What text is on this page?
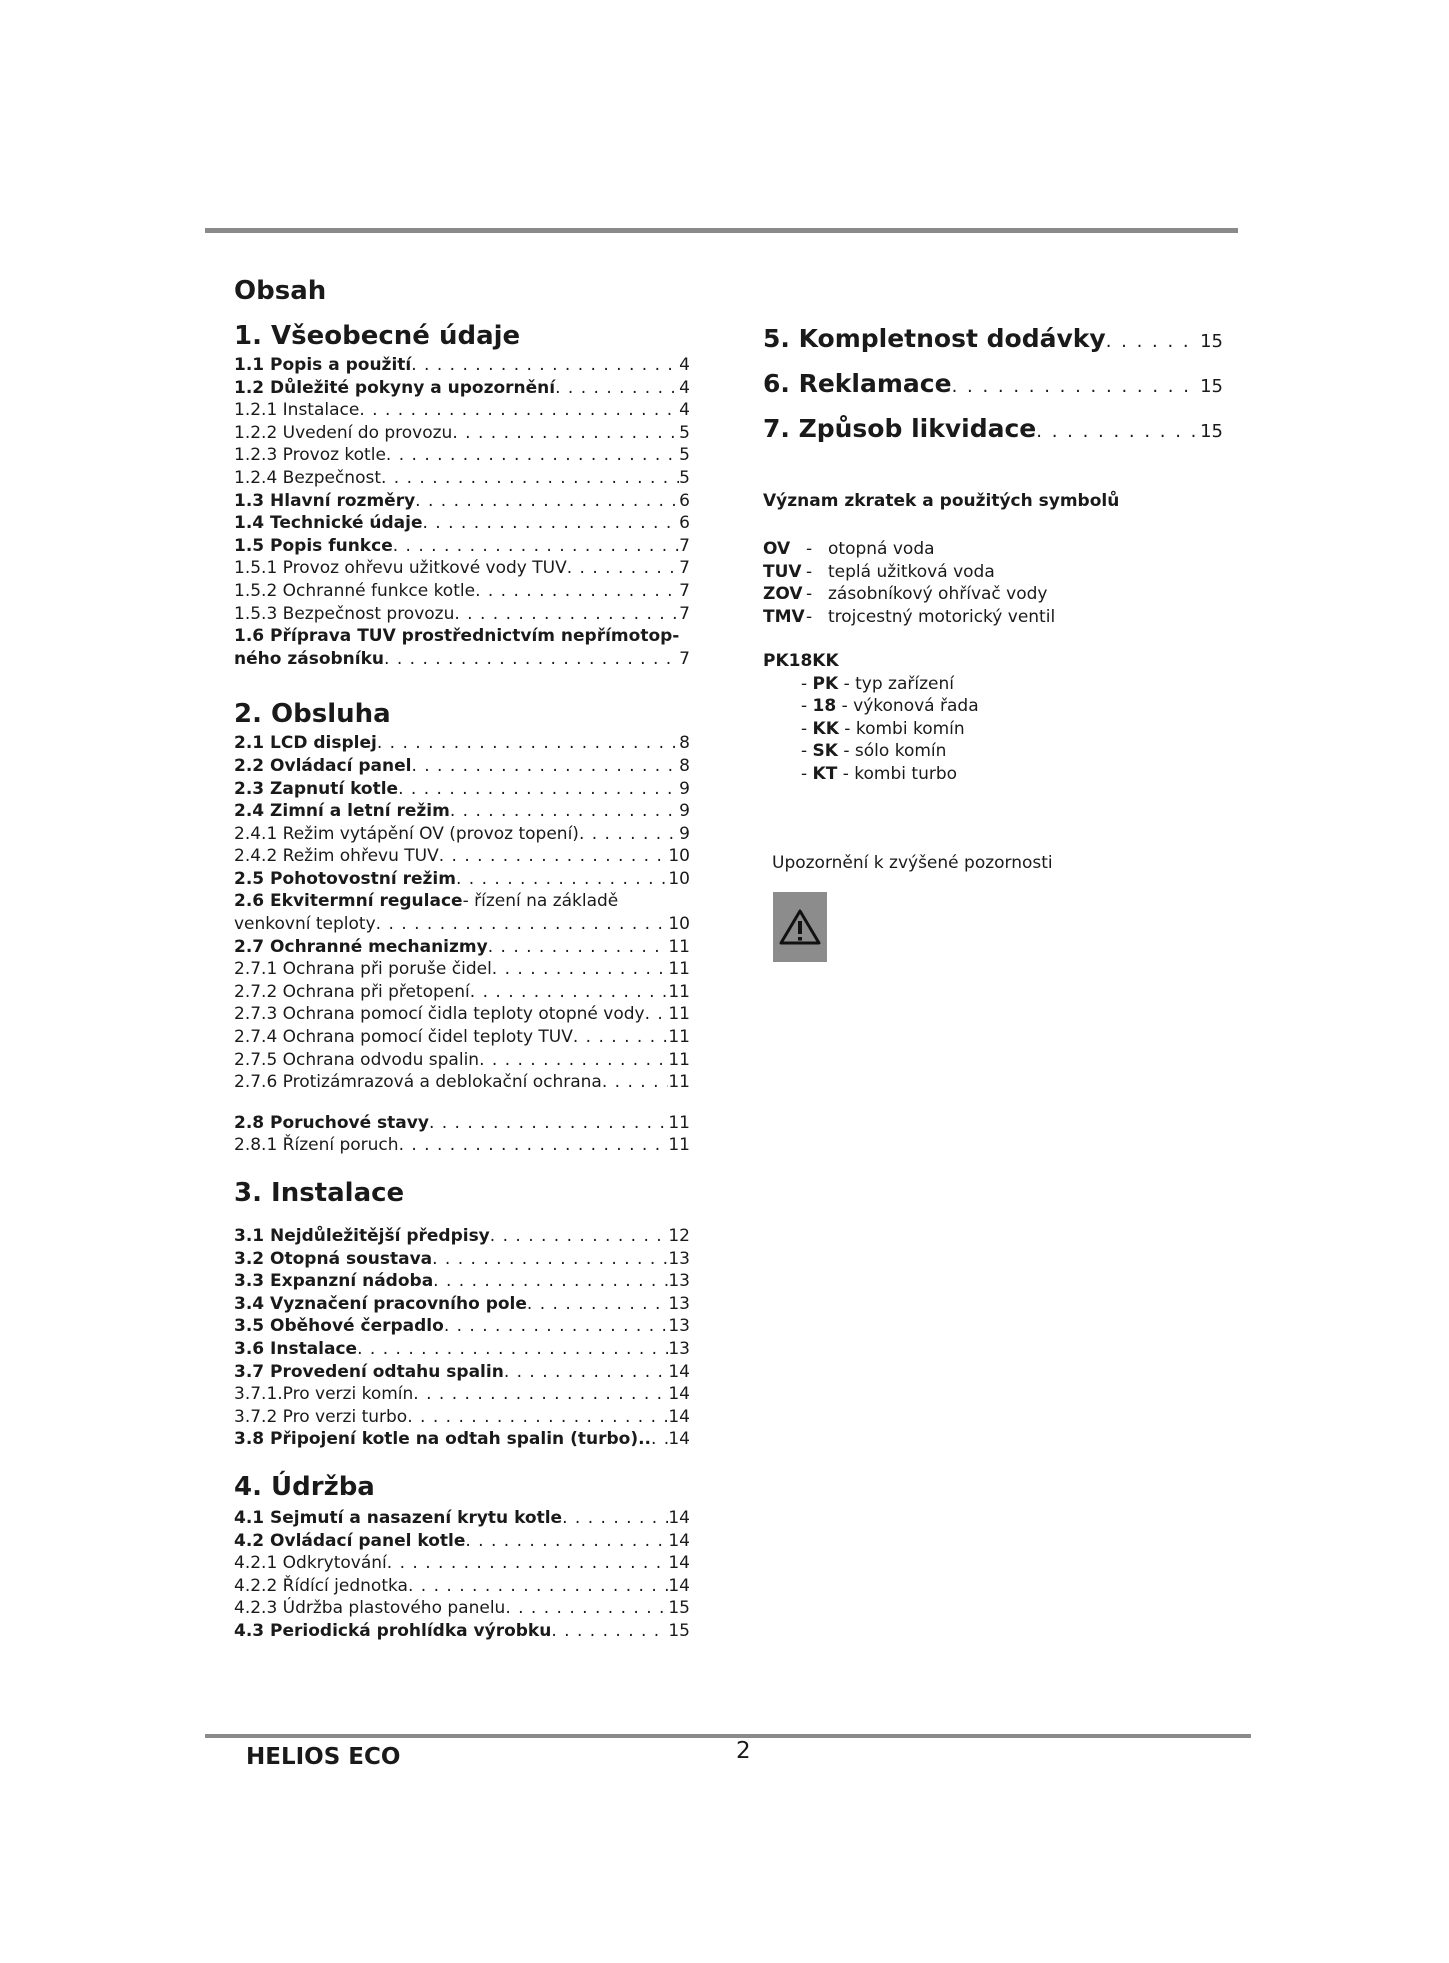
Obsah
1. Všeobecné údaje
1.1 Popis a použití . . .	4
1.2 Důležité pokyny a upozornění . . .	4
1.2.1 Instalace . . .	4
1.2.2 Uvedení do provozu . . .	5
1.2.3 Provoz kotle . . .	5
1.2.4 Bezpečnost . . .	5
1.3 Hlavní rozměry . . .	6
1.4 Technické údaje . . .	6
1.5 Popis funkce . . .	7
1.5.1 Provoz ohřevu užitkové vody TUV . . .	7
1.5.2 Ochranné funkce kotle . . .	7
1.5.3 Bezpečnost provozu . . .	7
1.6 Příprava TUV prostřednictvím nepřímotop-
ného zásobníku . . .	7
2. Obsluha
2.1 LCD displej . . .	8
2.2 Ovládací panel . . .	8
2.3 Zapnutí kotle . . .	9
2.4 Zimní a letní režim . . .	9
2.4.1 Režim vytápění OV (provoz topení) . . .	9
2.4.2 Režim ohřevu TUV . . .	10
2.5 Pohotovostní režim . . .	10
2.6 Ekvitermní regulace - řízení na základě
venkovní teploty . . .	10
2.7 Ochranné mechanizmy . . .	11
2.7.1 Ochrana při poruše čidel . . .	11
2.7.2 Ochrana při přetopení . . .	11
2.7.3 Ochrana pomocí čidla teploty otopné vody . . . 11
2.7.4 Ochrana pomocí čidel teploty TUV . . .	11
2.7.5 Ochrana odvodu spalin . . .	11
2.7.6 Protizámrazová a deblokační ochrana . . .	11
2.8 Poruchové stavy . . .	11
2.8.1 Řízení poruch . . .	11
3. Instalace
3.1 Nejdůležitější předpisy . . .	12
3.2 Otopná soustava . . .	13
3.3 Expanzní nádoba . . .	13
3.4 Vyznačení pracovního pole . . .	13
3.5 Oběhové čerpadlo . . .	13
3.6 Instalace . . .	13
3.7 Provedení odtahu spalin . . .	14
3.7.1.Pro verzi komín . . .	14
3.7.2 Pro verzi turbo . . .	14
3.8 Připojení kotle na odtah spalin (turbo).. . . . 14
4. Údržba
4.1 Sejmutí a nasazení krytu kotle . . .	14
4.2 Ovládací panel kotle . . .	14
4.2.1 Odkrytování . . .	14
4.2.2 Řídící jednotka . . .	14
4.2.3 Údržba plastového panelu . . .	15
4.3 Periodická prohlídka výrobku . . .	15
5. Kompletnost dodávky . . .	15
6. Reklamace . . .	15
7. Způsob likvidace . . .	15
Význam zkratek a použitých symbolů
OV - otopná voda
TUV - teplá užitková voda
ZOV - zásobníkový ohřívač vody
TMV - trojcestný motorický ventil
PK18KK
- PK - typ zařízení
- 18 - výkonová řada
- KK - kombi komín
- SK - sólo komín
- KT - kombi turbo
Upozornění k zvýšené pozornosti
HELIOS ECO	2
